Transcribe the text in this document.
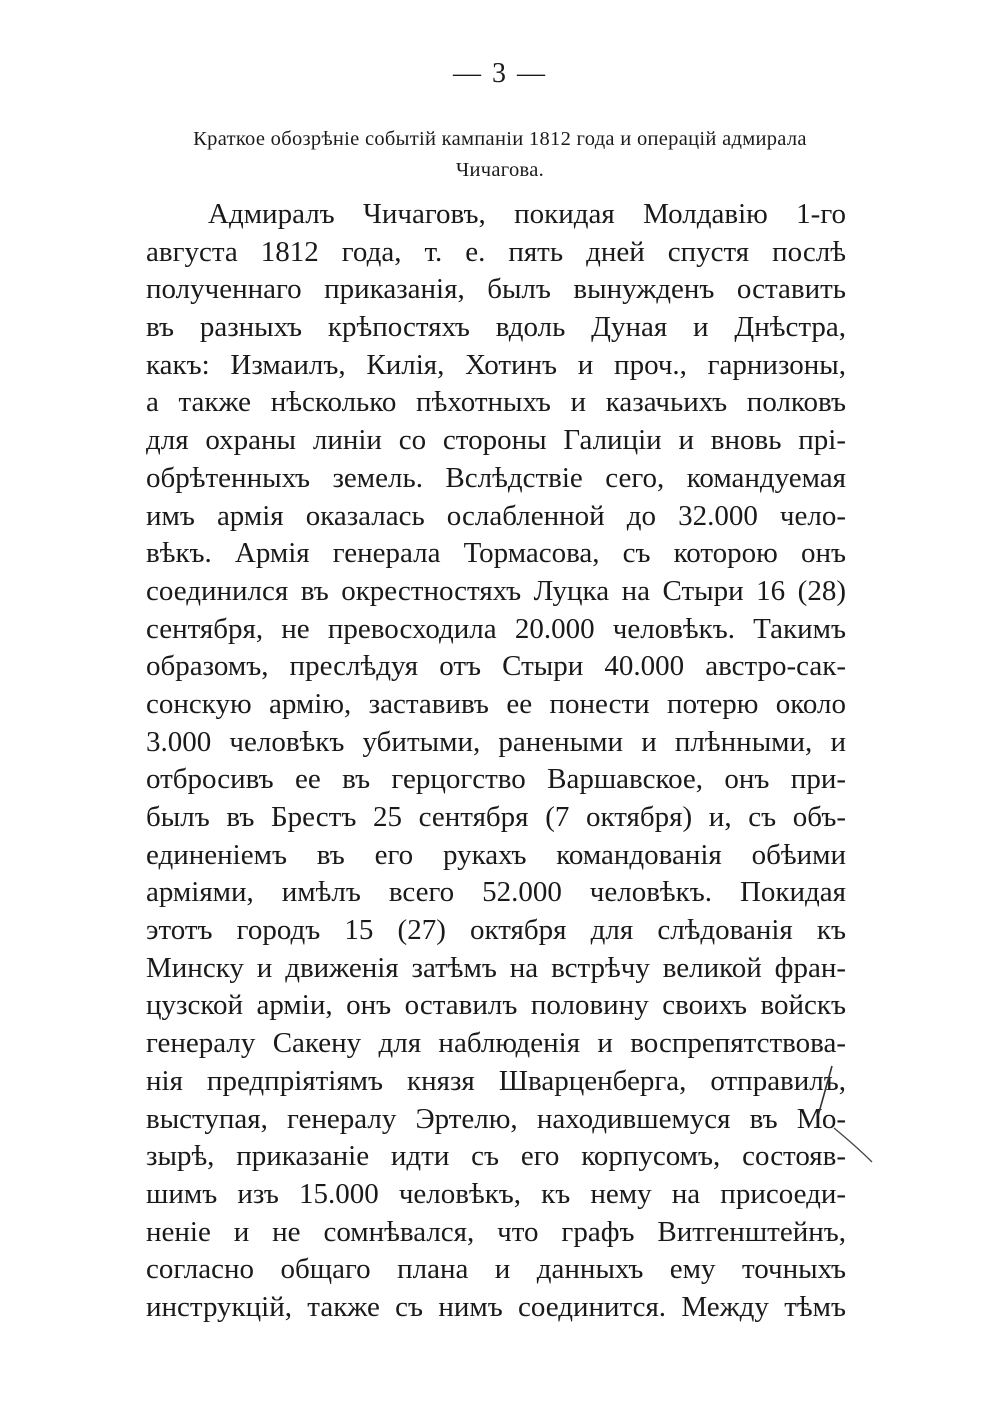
— 3 —
Краткое обозрѣніе событій кампаніи 1812 года и операцій адмирала
Чичагова.
Адмиралъ Чичаговъ, покидая Молдавію 1-го
августа 1812 года, т. е. пять дней спустя послѣ
полученнаго приказанія, былъ вынужденъ оставить
въ разныхъ крѣпостяхъ вдоль Дуная и Днѣстра,
какъ: Измаилъ, Килія, Хотинъ и проч., гарнизоны,
а также нѣсколько пѣхотныхъ и казачьихъ полковъ
для охраны линіи со стороны Галиціи и вновь прі-
обрѣтенныхъ земель. Вслѣдствіе сего, командуемая
имъ армія оказалась ослабленной до 32.000 чело-
вѣкъ. Армія генерала Тормасова, съ которою онъ
соединился въ окрестностяхъ Луцка на Стыри 16 (28)
сентября, не превосходила 20.000 человѣкъ. Такимъ
образомъ, преслѣдуя отъ Стыри 40.000 австро-сак-
сонскую армію, заставивъ ее понести потерю около
3.000 человѣкъ убитыми, ранеными и плѣнными, и
отбросивъ ее въ герцогство Варшавское, онъ при-
былъ въ Брестъ 25 сентября (7 октября) и, съ объ-
единеніемъ въ его рукахъ командованія обѣими
арміями, имѣлъ всего 52.000 человѣкъ. Покидая
этотъ городъ 15 (27) октября для слѣдованія къ
Минску и движенія затѣмъ на встрѣчу великой фран-
цузской арміи, онъ оставилъ половину своихъ войскъ
генералу Сакену для наблюденія и воспрепятствова-
нія предпріятіямъ князя Шварценберга, отправилъ,
выступая, генералу Эртелю, находившемуся въ Мо-
зырѣ, приказаніе идти съ его корпусомъ, состояв-
шимъ изъ 15.000 человѣкъ, къ нему на присоеди-
неніе и не сомнѣвался, что графъ Витгенштейнъ,
согласно общаго плана и данныхъ ему точныхъ
инструкцій, также съ нимъ соединится. Между тѣмъ
